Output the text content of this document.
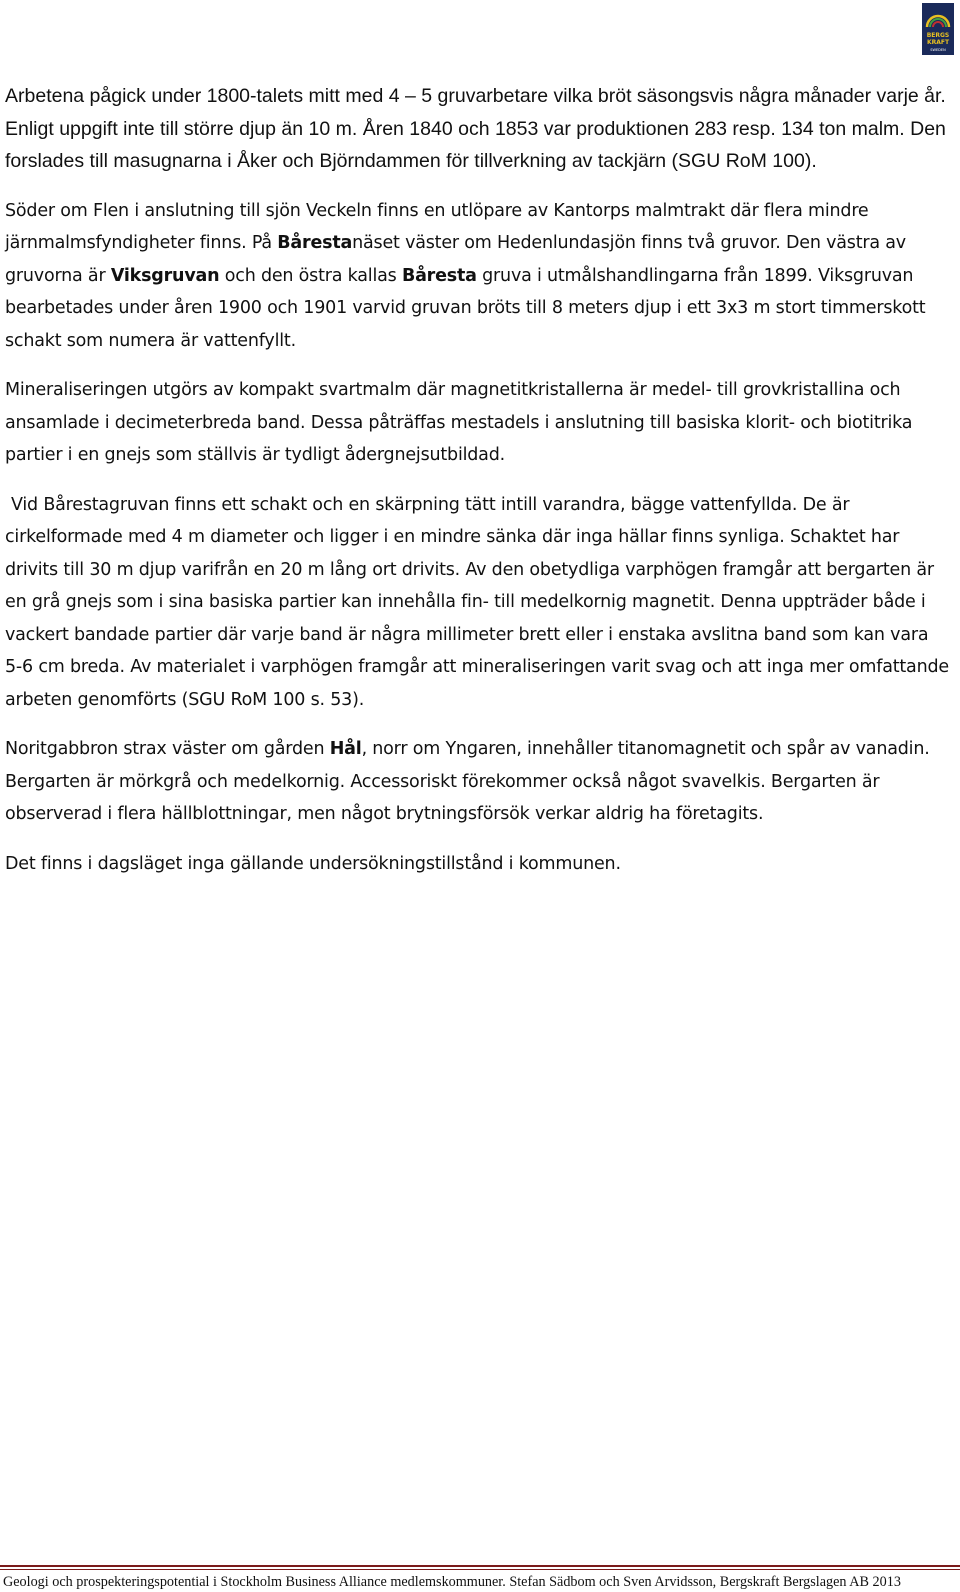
BERGS
KRAFT
SWEDEN

Arbetena pågick under 1800-talets mitt med 4 – 5 gruvarbetare vilka bröt säsongsvis några månader varje år. Enligt uppgift inte till större djup än 10 m. Åren 1840 och 1853 var produktionen 283 resp. 134 ton malm. Den forslades till masugnarna i Åker och Björndammen för tillverkning av tackjärn (SGU RoM 100).

Söder om Flen i anslutning till sjön Veckeln finns en utlöpare av Kantorps malmtrakt där flera mindre järnmalmsfyndigheter finns. På Bårestanäset väster om Hedenlundasjön finns två gruvor. Den västra av gruvorna är Viksgruvan och den östra kallas Båresta gruva i utmålshandlingarna från 1899. Viksgruvan bearbetades under åren 1900 och 1901 varvid gruvan bröts till 8 meters djup i ett 3x3 m stort timmerskott schakt som numera är vattenfyllt.

Mineraliseringen utgörs av kompakt svartmalm där magnetitkristallerna är medel- till grovkristallina och ansamlade i decimeterbreda band. Dessa påträffas mestadels i anslutning till basiska klorit- och biotitrika partier i en gnejs som ställvis är tydligt ådergnejsutbildad.

Vid Bårestagruvan finns ett schakt och en skärpning tätt intill varandra, bägge vattenfyllda. De är cirkelformade med 4 m diameter och ligger i en mindre sänka där inga hällar finns synliga. Schaktet har drivits till 30 m djup varifrån en 20 m lång ort drivits. Av den obetydliga varphögen framgår att bergarten är en grå gnejs som i sina basiska partier kan innehålla fin- till medelkornig magnetit. Denna uppträder både i vackert bandade partier där varje band är några millimeter brett eller i enstaka avslitna band som kan vara 5-6 cm breda. Av materialet i varphögen framgår att mineraliseringen varit svag och att inga mer omfattande arbeten genomförts (SGU RoM 100 s. 53).

Noritgabbron strax väster om gården Hål, norr om Yngaren, innehåller titanomagnetit och spår av vanadin. Bergarten är mörkgrå och medelkornig. Accessoriskt förekommer också något svavelkis. Bergarten är observerad i flera hällblottningar, men något brytningsförsök verkar aldrig ha företagits.

Det finns i dagsläget inga gällande undersökningstillstånd i kommunen.

Geologi och prospekteringspotential i Stockholm Business Alliance medlemskommuner. Stefan Sädbom och Sven Arvidsson, Bergskraft Bergslagen AB 2013
